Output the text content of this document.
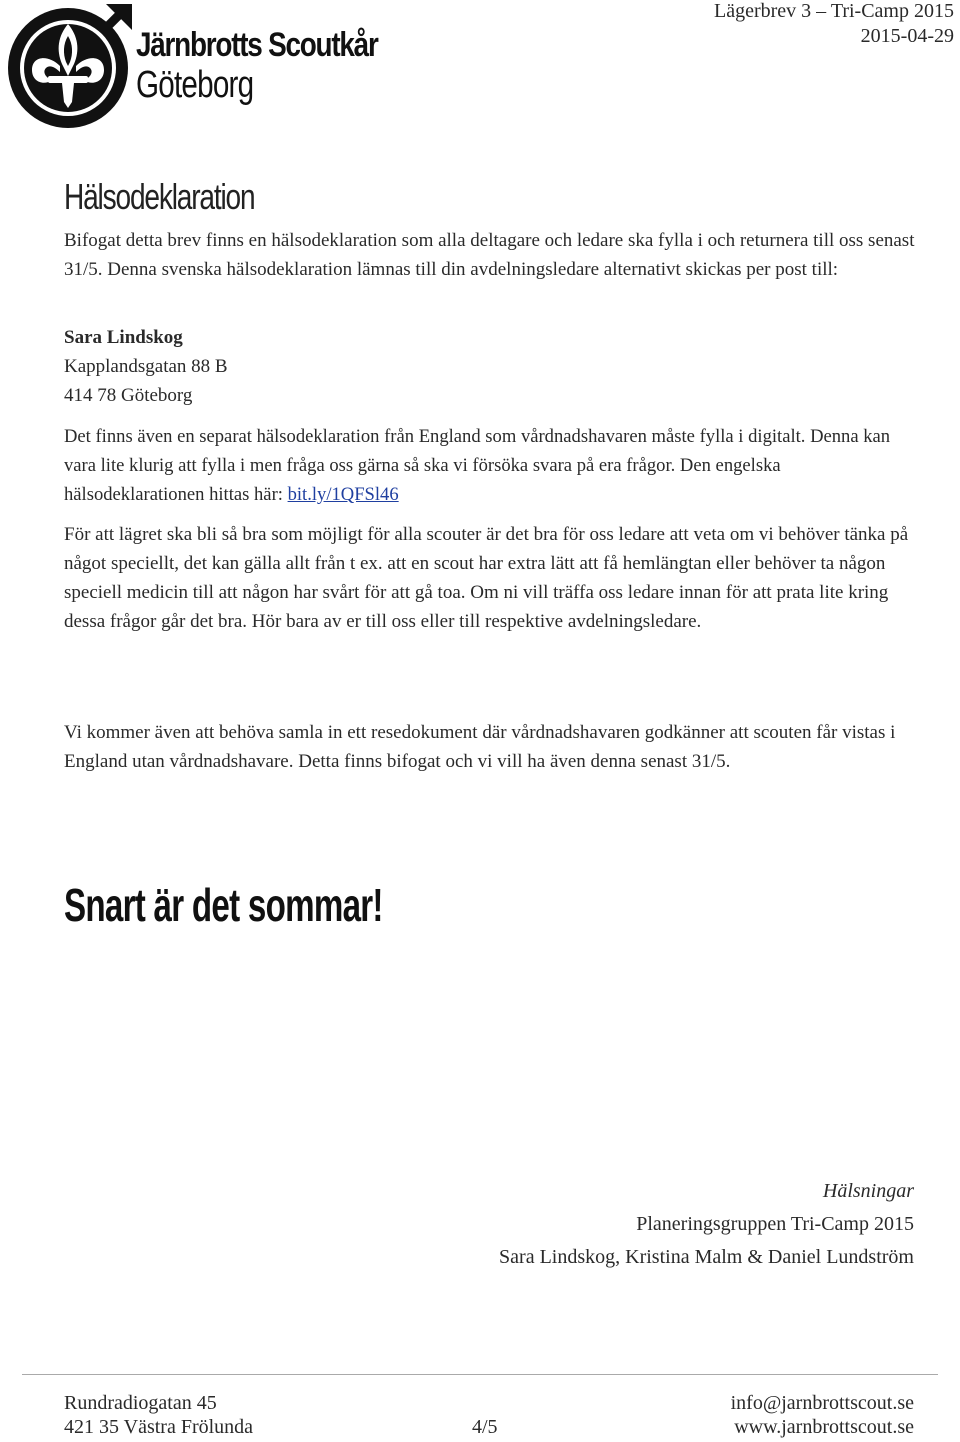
Järnbrotts Scoutkår
Göteborg
Lägerbrev 3 – Tri-Camp 2015
2015-04-29
Hälsodeklaration
Bifogat detta brev finns en hälsodeklaration som alla deltagare och ledare ska fylla i och returnera till oss senast 31/5. Denna svenska hälsodeklaration lämnas till din avdelningsledare alternativt skickas per post till:
Sara Lindskog
Kapplandsgatan 88 B
414 78 Göteborg
Det finns även en separat hälsodeklaration från England som vårdnadshavaren måste fylla i digitalt. Denna kan vara lite klurig att fylla i men fråga oss gärna så ska vi försöka svara på era frågor. Den engelska hälsodeklarationen hittas här: bit.ly/1QFSl46
För att lägret ska bli så bra som möjligt för alla scouter är det bra för oss ledare att veta om vi behöver tänka på något speciellt, det kan gälla allt från t ex. att en scout har extra lätt att få hemlängtan eller behöver ta någon speciell medicin till att någon har svårt för att gå toa. Om ni vill träffa oss ledare innan för att prata lite kring dessa frågor går det bra. Hör bara av er till oss eller till respektive avdelningsledare.
Vi kommer även att behöva samla in ett resedokument där vårdnadshavaren godkänner att scouten får vistas i England utan vårdnadshavare. Detta finns bifogat och vi vill ha även denna senast 31/5.
Snart är det sommar!
Hälsningar
Planeringsgruppen Tri-Camp 2015
Sara Lindskog, Kristina Malm & Daniel Lundström
Rundradiogatan 45
421 35 Västra Frölunda	4/5
info@jarnbrottscout.se
www.jarnbrottscout.se
